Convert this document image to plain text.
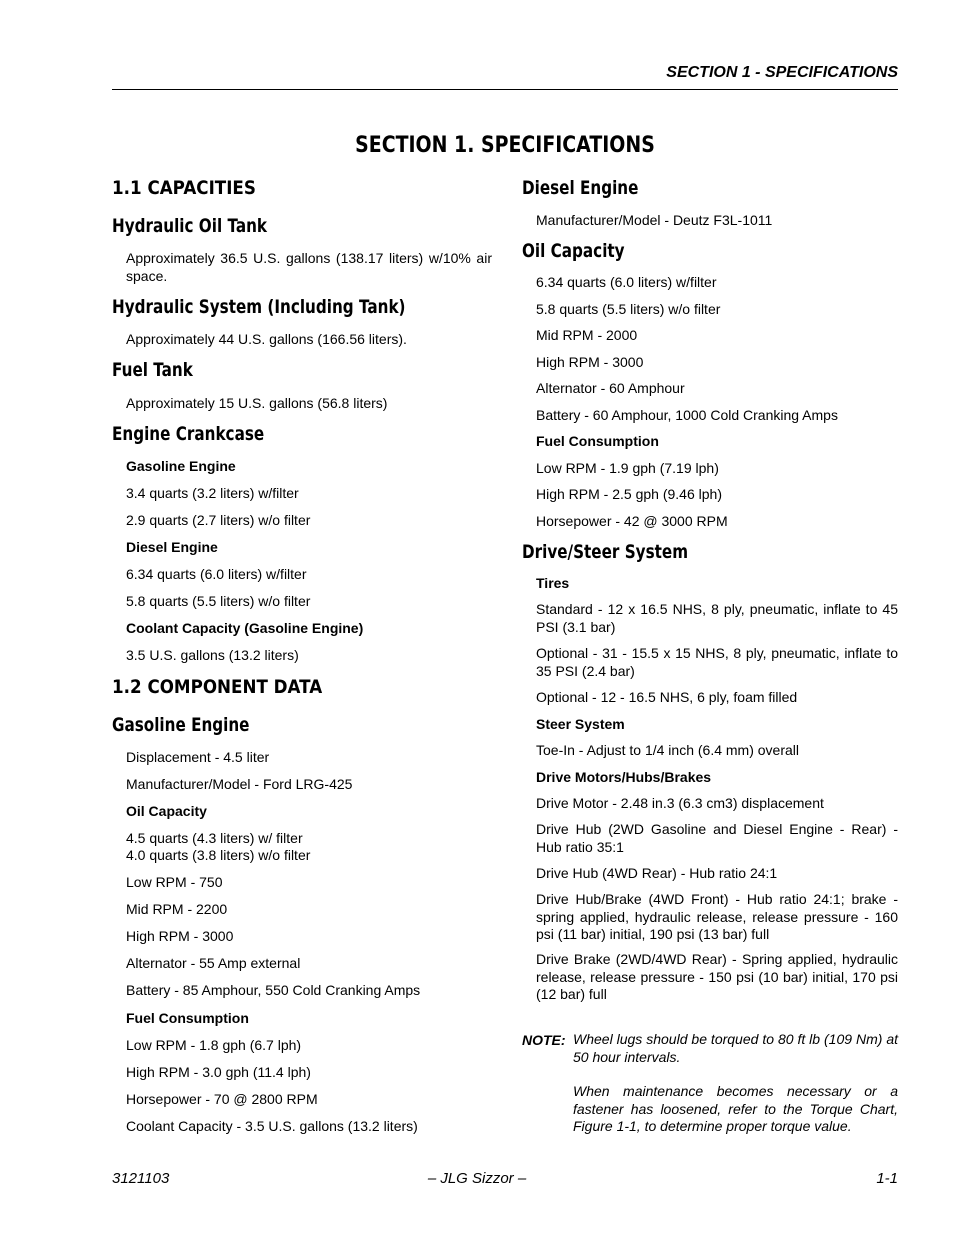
SECTION 1 - SPECIFICATIONS
SECTION 1. SPECIFICATIONS
1.1 CAPACITIES
Hydraulic Oil Tank
Approximately 36.5 U.S. gallons (138.17 liters) w/10% air space.
Hydraulic System (Including Tank)
Approximately 44 U.S. gallons (166.56 liters).
Fuel Tank
Approximately 15 U.S. gallons (56.8 liters)
Engine Crankcase
Gasoline Engine
3.4 quarts (3.2 liters) w/filter
2.9 quarts (2.7 liters) w/o filter
Diesel Engine
6.34 quarts (6.0 liters) w/filter
5.8 quarts (5.5 liters) w/o filter
Coolant Capacity (Gasoline Engine)
3.5 U.S. gallons (13.2 liters)
1.2 COMPONENT DATA
Gasoline Engine
Displacement - 4.5 liter
Manufacturer/Model - Ford LRG-425
Oil Capacity
4.5 quarts (4.3 liters) w/ filter
4.0 quarts (3.8 liters) w/o filter
Low RPM - 750
Mid RPM - 2200
High RPM - 3000
Alternator - 55 Amp external
Battery - 85 Amphour, 550 Cold Cranking Amps
Fuel Consumption
Low RPM - 1.8 gph (6.7 lph)
High RPM - 3.0 gph (11.4 lph)
Horsepower - 70 @ 2800 RPM
Coolant Capacity - 3.5 U.S. gallons (13.2 liters)
Diesel Engine
Manufacturer/Model - Deutz F3L-1011
Oil Capacity
6.34 quarts (6.0 liters) w/filter
5.8 quarts (5.5 liters) w/o filter
Mid RPM - 2000
High RPM - 3000
Alternator - 60 Amphour
Battery - 60 Amphour, 1000 Cold Cranking Amps
Fuel Consumption
Low RPM - 1.9 gph (7.19 lph)
High RPM - 2.5 gph (9.46 lph)
Horsepower - 42 @ 3000 RPM
Drive/Steer System
Tires
Standard - 12 x 16.5 NHS, 8 ply, pneumatic, inflate to 45 PSI (3.1 bar)
Optional - 31 - 15.5 x 15 NHS, 8 ply, pneumatic, inflate to 35 PSI (2.4 bar)
Optional - 12 - 16.5 NHS, 6 ply, foam filled
Steer System
Toe-In - Adjust to 1/4 inch (6.4 mm) overall
Drive Motors/Hubs/Brakes
Drive Motor - 2.48 in.3 (6.3 cm3) displacement
Drive Hub (2WD Gasoline and Diesel Engine - Rear) - Hub ratio 35:1
Drive Hub (4WD Rear) - Hub ratio 24:1
Drive Hub/Brake (4WD Front) - Hub ratio 24:1; brake - spring applied, hydraulic release, release pressure - 160 psi (11 bar) initial, 190 psi (13 bar) full
Drive Brake (2WD/4WD Rear) - Spring applied, hydraulic release, release pressure - 150 psi (10 bar) initial, 170 psi (12 bar) full
NOTE: Wheel lugs should be torqued to 80 ft lb (109 Nm) at 50 hour intervals.
When maintenance becomes necessary or a fastener has loosened, refer to the Torque Chart, Figure 1-1, to determine proper torque value.
3121103	– JLG Sizzor –	1-1
